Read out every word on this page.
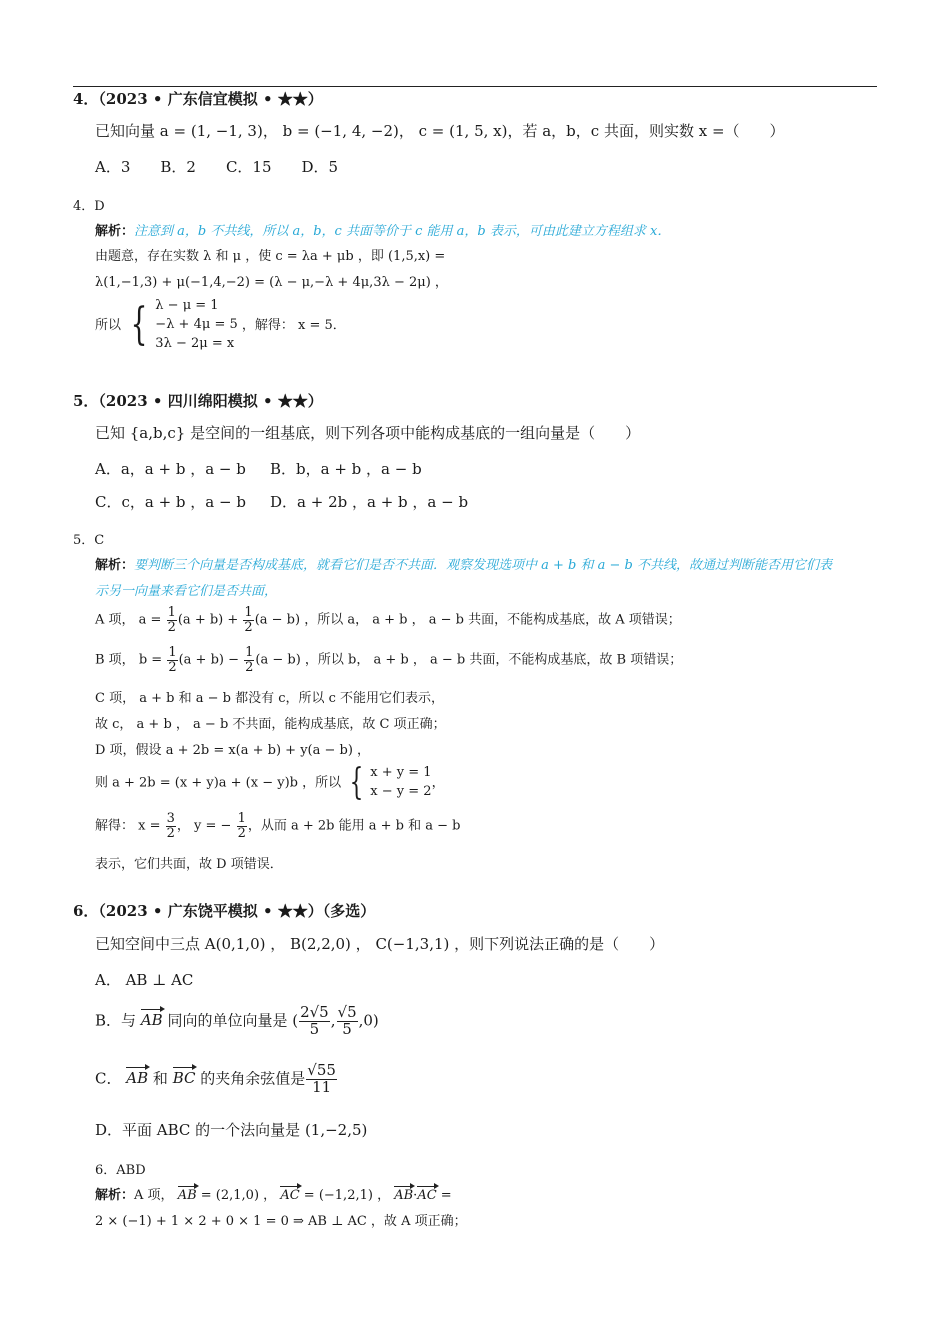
4．（2023 • 广东信宜模拟 • ★★）
已知向量 a = (1, −1, 3)， b = (−1, 4, −2)， c = (1, 5, x)，若 a，b，c 共面，则实数 x =（　　）
A．3　　B．2　　C．15　　D．5
4．D
解析：注意到 a，b 不共线，所以 a，b，c 共面等价于 c 能用 a，b 表示，可由此建立方程组求 x．
由题意，存在实数 λ 和 μ ，使 c = λa + μb ，即 (1,5,x) =
λ(1,−1,3) + μ(−1,4,−2) = (λ − μ,−λ + 4μ,3λ − 2μ) ，
所以 { λ − μ = 1
−λ + 4μ = 5
3λ − 2μ = x
，解得： x = 5．
5．（2023 • 四川绵阳模拟 • ★★）
已知 {a,b,c} 是空间的一组基底，则下列各项中能构成基底的一组向量是（　　）
A．a，a + b ，a − b B．b，a + b ，a − b
C．c，a + b ，a − b D．a + 2b ，a + b ，a − b
5．C
解析：要判断三个向量是否构成基底，就看它们是否不共面．观察发现选项中 a + b 和 a − b 不共线，故通过判断能否用它们表
示另一向量来看它们是否共面，
A 项， $a = \frac{1}{2} (a + b) + \frac{1}{2} (a - b)$ ，所以 a， a + b ， a − b 共面，不能构成基底，故 A 项错误；
B 项， $b = \frac{1}{2} (a + b) - \frac{1}{2} (a - b)$ ，所以 b， a + b ， a − b 共面，不能构成基底，故 B 项错误；
C 项， a + b 和 a − b 都没有 c，所以 c 不能用它们表示，
故 c， a + b ， a − b 不共面，能构成基底，故 C 项正确；
D 项，假设 a + 2b = x(a + b) + y(a − b) ，
则 a + 2b = (x + y)a + (x − y)b ，所以 { x + y = 1
x − y = 2
，
解得： $x = \frac{3}{2}$ ， y = − $\frac{1}{2}$ ，从而 a + 2b 能用 a + b 和 a − b
表示，它们共面，故 D 项错误．
6．（2023 • 广东饶平模拟 • ★★）（多选）
已知空间中三点 A(0,1,0) ， B(2,2,0) ， C(−1,3,1) ，则下列说法正确的是（　　）
A． AB ⊥ AC
B．与 AB 同向的单位向量是 ( $\frac{2√5}{5}$ , $\frac{√5}{5} ,0$)
C． AB 和 BC 的夹角余弦值是 $\frac{√55}{11}$
D．平面 ABC 的一个法向量是 (1,−2,5)
6．ABD
解析：A 项， AB = (2,1,0) ， AC = (−1,2,1) ， AB·AC =
2 × (−1) + 1 × 2 + 0 × 1 = 0 ⇒ AB ⊥ AC ，故 A 项正确；
